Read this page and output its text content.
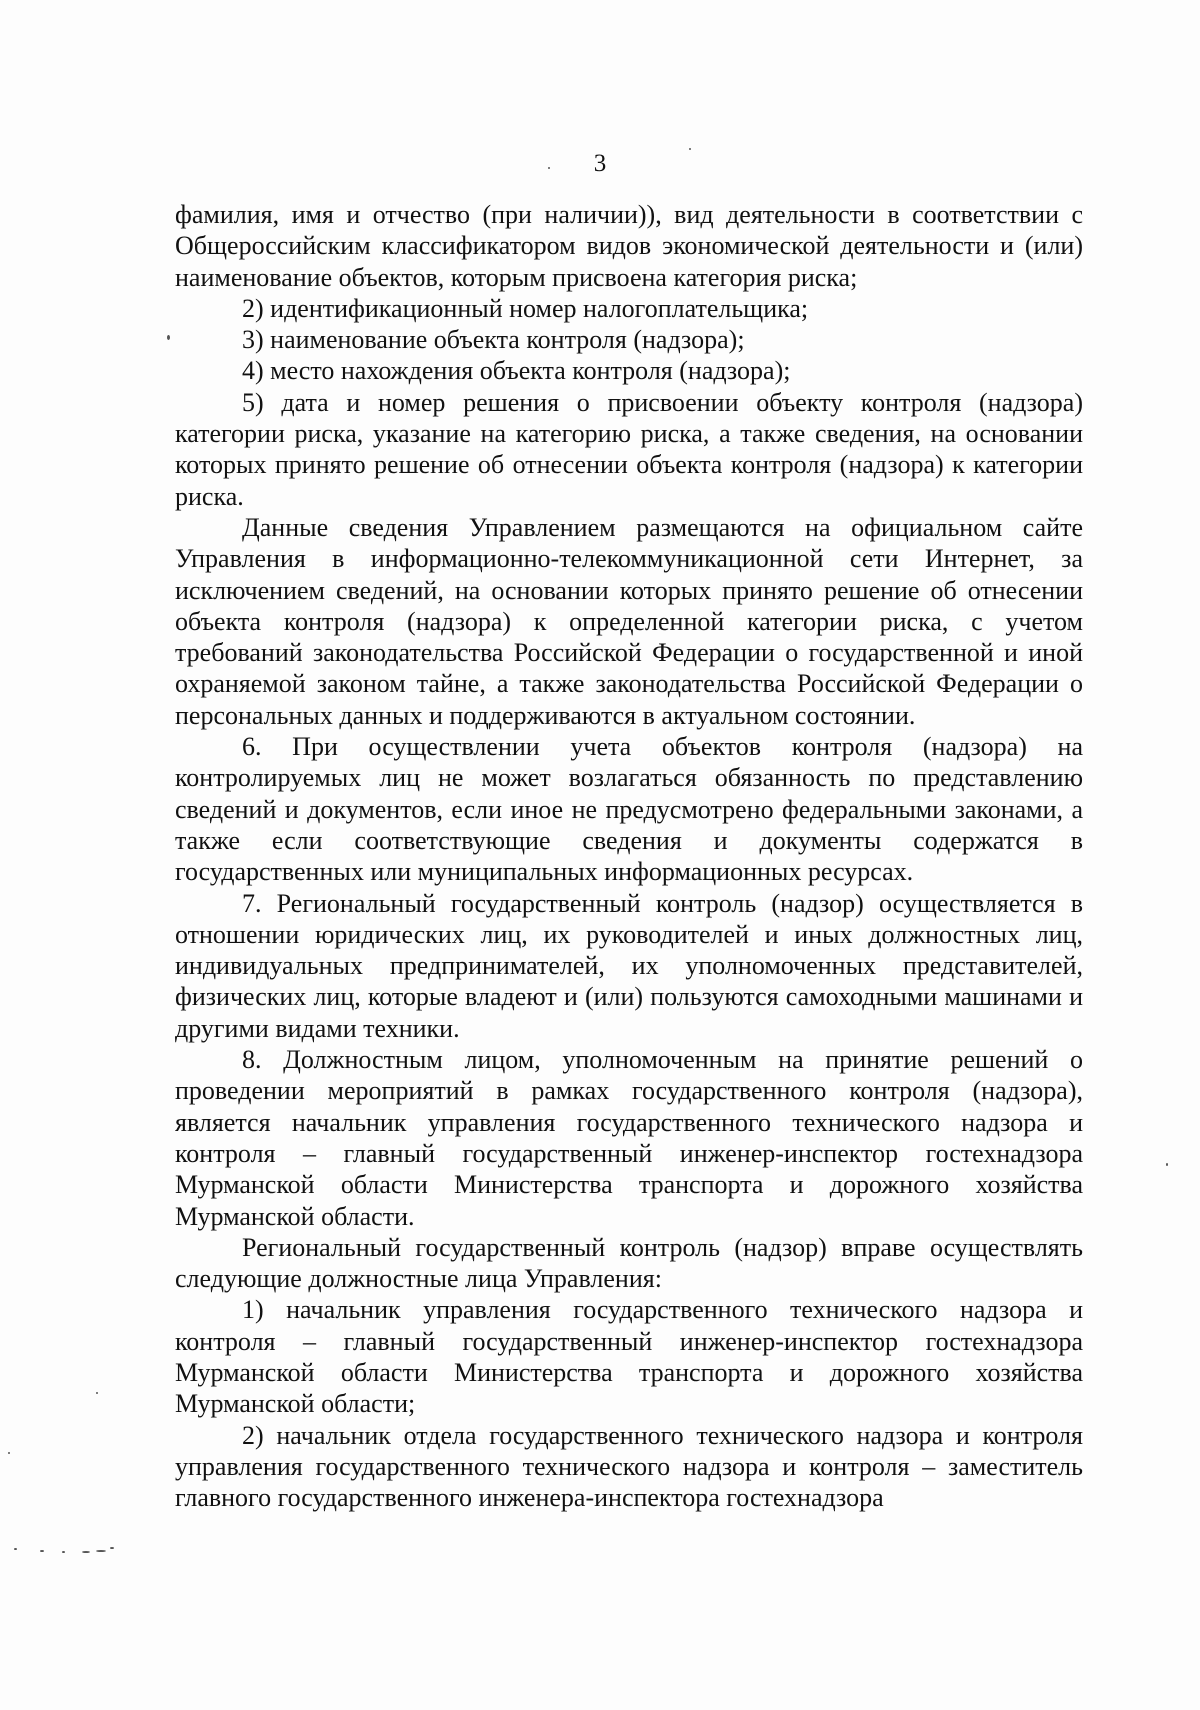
3

фамилия, имя и отчество (при наличии)), вид деятельности в соответствии с Общероссийским классификатором видов экономической деятельности и (или) наименование объектов, которым присвоена категория риска;

2) идентификационный номер налогоплательщика;

3) наименование объекта контроля (надзора);

4) место нахождения объекта контроля (надзора);

5) дата и номер решения о присвоении объекту контроля (надзора) категории риска, указание на категорию риска, а также сведения, на основании которых принято решение об отнесении объекта контроля (надзора) к категории риска.

Данные сведения Управлением размещаются на официальном сайте Управления в информационно-телекоммуникационной сети Интернет, за исключением сведений, на основании которых принято решение об отнесении объекта контроля (надзора) к определенной категории риска, с учетом требований законодательства Российской Федерации о государственной и иной охраняемой законом тайне, а также законодательства Российской Федерации о персональных данных и поддерживаются в актуальном состоянии.

6. При осуществлении учета объектов контроля (надзора) на контролируемых лиц не может возлагаться обязанность по представлению сведений и документов, если иное не предусмотрено федеральными законами, а также если соответствующие сведения и документы содержатся в государственных или муниципальных информационных ресурсах.

7. Региональный государственный контроль (надзор) осуществляется в отношении юридических лиц, их руководителей и иных должностных лиц, индивидуальных предпринимателей, их уполномоченных представителей, физических лиц, которые владеют и (или) пользуются самоходными машинами и другими видами техники.

8. Должностным лицом, уполномоченным на принятие решений о проведении мероприятий в рамках государственного контроля (надзора), является начальник управления государственного технического надзора и контроля – главный государственный инженер-инспектор гостехнадзора Мурманской области Министерства транспорта и дорожного хозяйства Мурманской области.

Региональный государственный контроль (надзор) вправе осуществлять следующие должностные лица Управления:

1) начальник управления государственного технического надзора и контроля – главный государственный инженер-инспектор гостехнадзора Мурманской области Министерства транспорта и дорожного хозяйства Мурманской области;

2) начальник отдела государственного технического надзора и контроля управления государственного технического надзора и контроля – заместитель главного государственного инженера-инспектора гостехнадзора
